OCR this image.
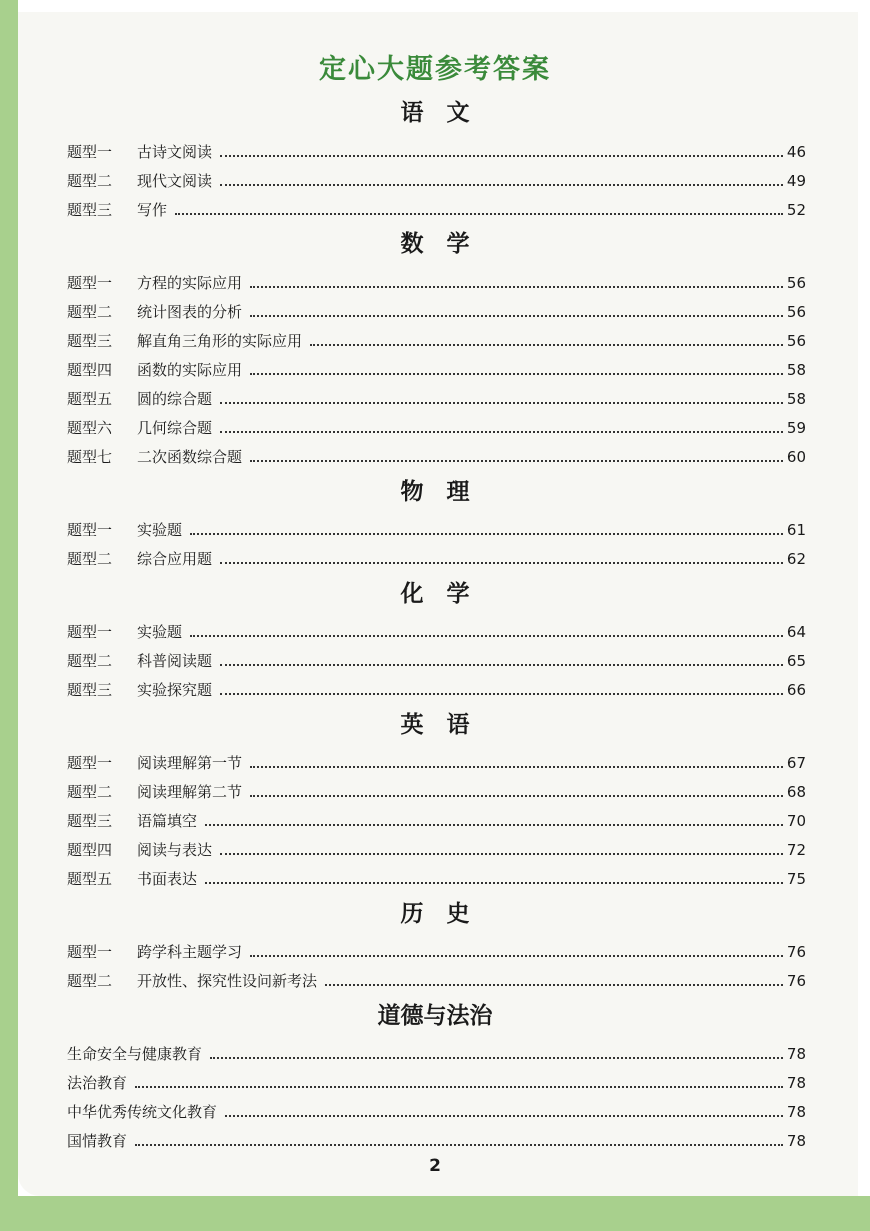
定心大题参考答案
语　文
题型一	古诗文阅读	46
题型二	现代文阅读	49
题型三	写作	52
数　学
题型一	方程的实际应用	56
题型二	统计图表的分析	56
题型三	解直角三角形的实际应用	56
题型四	函数的实际应用	58
题型五	圆的综合题	58
题型六	几何综合题	59
题型七	二次函数综合题	60
物　理
题型一	实验题	61
题型二	综合应用题	62
化　学
题型一	实验题	64
题型二	科普阅读题	65
题型三	实验探究题	66
英　语
题型一	阅读理解第一节	67
题型二	阅读理解第二节	68
题型三	语篇填空	70
题型四	阅读与表达	72
题型五	书面表达	75
历　史
题型一	跨学科主题学习	76
题型二	开放性、探究性设问新考法	76
道德与法治
生命安全与健康教育	78
法治教育	78
中华优秀传统文化教育	78
国情教育	78
2
